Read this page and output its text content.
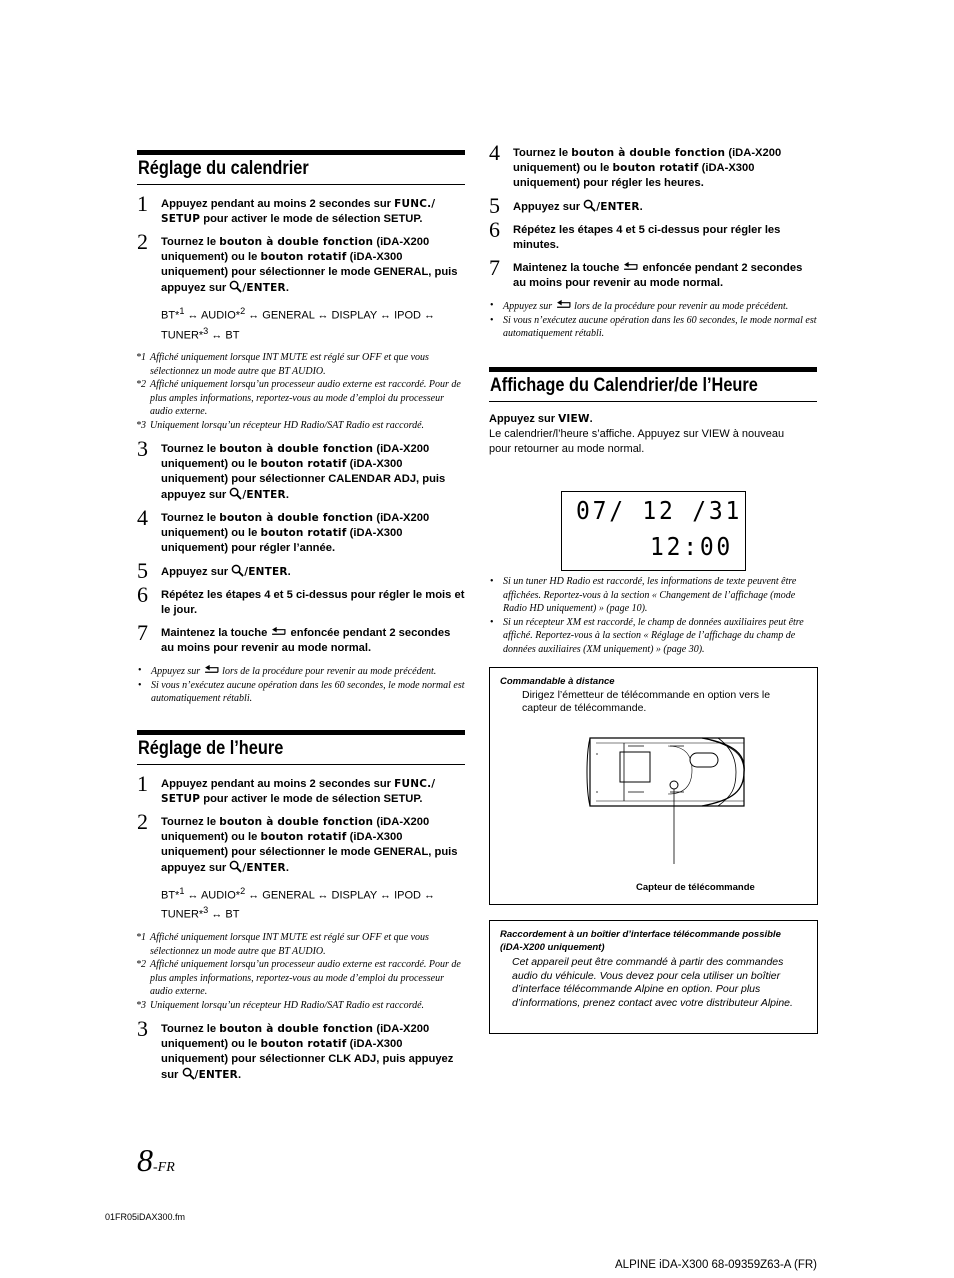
Réglage du calendrier
1 Appuyez pendant au moins 2 secondes sur FUNC./ SETUP pour activer le mode de sélection SETUP.
2 Tournez le bouton à double fonction (iDA-X200 uniquement) ou le bouton rotatif (iDA-X300 uniquement) pour sélectionner le mode GENERAL, puis appuyez sur /ENTER.
BT*$^1$ ↔ AUDIO*$^2$ ↔ GENERAL ↔ DISPLAY ↔ IPOD ↔ TUNER*$^3$ ↔ BT
*1 Affiché uniquement lorsque INT MUTE est réglé sur OFF et que vous sélectionnez un mode autre que BT AUDIO.
*2 Affiché uniquement lorsqu’un processeur audio externe est raccordé. Pour de plus amples informations, reportez-vous au mode d’emploi du processeur audio externe.
*3 Uniquement lorsqu’un récepteur HD Radio/SAT Radio est raccordé.
3 Tournez le bouton à double fonction (iDA-X200 uniquement) ou le bouton rotatif (iDA-X300 uniquement) pour sélectionner CALENDAR ADJ, puis appuyez sur /ENTER.
4 Tournez le bouton à double fonction (iDA-X200 uniquement) ou le bouton rotatif (iDA-X300 uniquement) pour régler l’année.
5 Appuyez sur /ENTER.
6 Répétez les étapes 4 et 5 ci-dessus pour régler le mois et le jour.
7 Maintenez la touche  enfoncée pendant 2 secondes au moins pour revenir au mode normal.
• Appuyez sur  lors de la procédure pour revenir au mode précédent.
• Si vous n’exécutez aucune opération dans les 60 secondes, le mode normal est automatiquement rétabli.
Réglage de l’heure
1 Appuyez pendant au moins 2 secondes sur FUNC./ SETUP pour activer le mode de sélection SETUP.
2 Tournez le bouton à double fonction (iDA-X200 uniquement) ou le bouton rotatif (iDA-X300 uniquement) pour sélectionner le mode GENERAL, puis appuyez sur /ENTER.
BT*$^1$ ↔ AUDIO*$^2$ ↔ GENERAL ↔ DISPLAY ↔ IPOD ↔ TUNER*$^3$ ↔ BT
*1 Affiché uniquement lorsque INT MUTE est réglé sur OFF et que vous sélectionnez un mode autre que BT AUDIO.
*2 Affiché uniquement lorsqu’un processeur audio externe est raccordé. Pour de plus amples informations, reportez-vous au mode d’emploi du processeur audio externe.
*3 Uniquement lorsqu’un récepteur HD Radio/SAT Radio est raccordé.
3 Tournez le bouton à double fonction (iDA-X200 uniquement) ou le bouton rotatif (iDA-X300 uniquement) pour sélectionner CLK ADJ, puis appuyez sur /ENTER.
4 Tournez le bouton à double fonction (iDA-X200 uniquement) ou le bouton rotatif (iDA-X300 uniquement) pour régler les heures.
5 Appuyez sur /ENTER.
6 Répétez les étapes 4 et 5 ci-dessus pour régler les minutes.
7 Maintenez la touche  enfoncée pendant 2 secondes au moins pour revenir au mode normal.
• Appuyez sur  lors de la procédure pour revenir au mode précédent.
• Si vous n’exécutez aucune opération dans les 60 secondes, le mode normal est automatiquement rétabli.
Affichage du Calendrier/de l’Heure
Appuyez sur VIEW.
Le calendrier/l’heure s’affiche. Appuyez sur VIEW à nouveau pour retourner au mode normal.
07/ 12 /31
12:00
• Si un tuner HD Radio est raccordé, les informations de texte peuvent être affichées. Reportez-vous à la section « Changement de l’affichage (mode Radio HD uniquement) » (page 10).
• Si un récepteur XM est raccordé, le champ de données auxiliaires peut être affiché. Reportez-vous à la section « Réglage de l’affichage du champ de données auxiliaires (XM uniquement) » (page 30).
Commandable à distance
Dirigez l’émetteur de télécommande en option vers le capteur de télécommande.
Capteur de télécommande
Raccordement à un boîtier d’interface télécommande possible (iDA-X200 uniquement)
Cet appareil peut être commandé à partir des commandes audio du véhicule. Vous devez pour cela utiliser un boîtier d’interface télécommande Alpine en option. Pour plus d’informations, prenez contact avec votre distributeur Alpine.
8-FR
01FR05iDAX300.fm
ALPINE iDA-X300 68-09359Z63-A (FR)
